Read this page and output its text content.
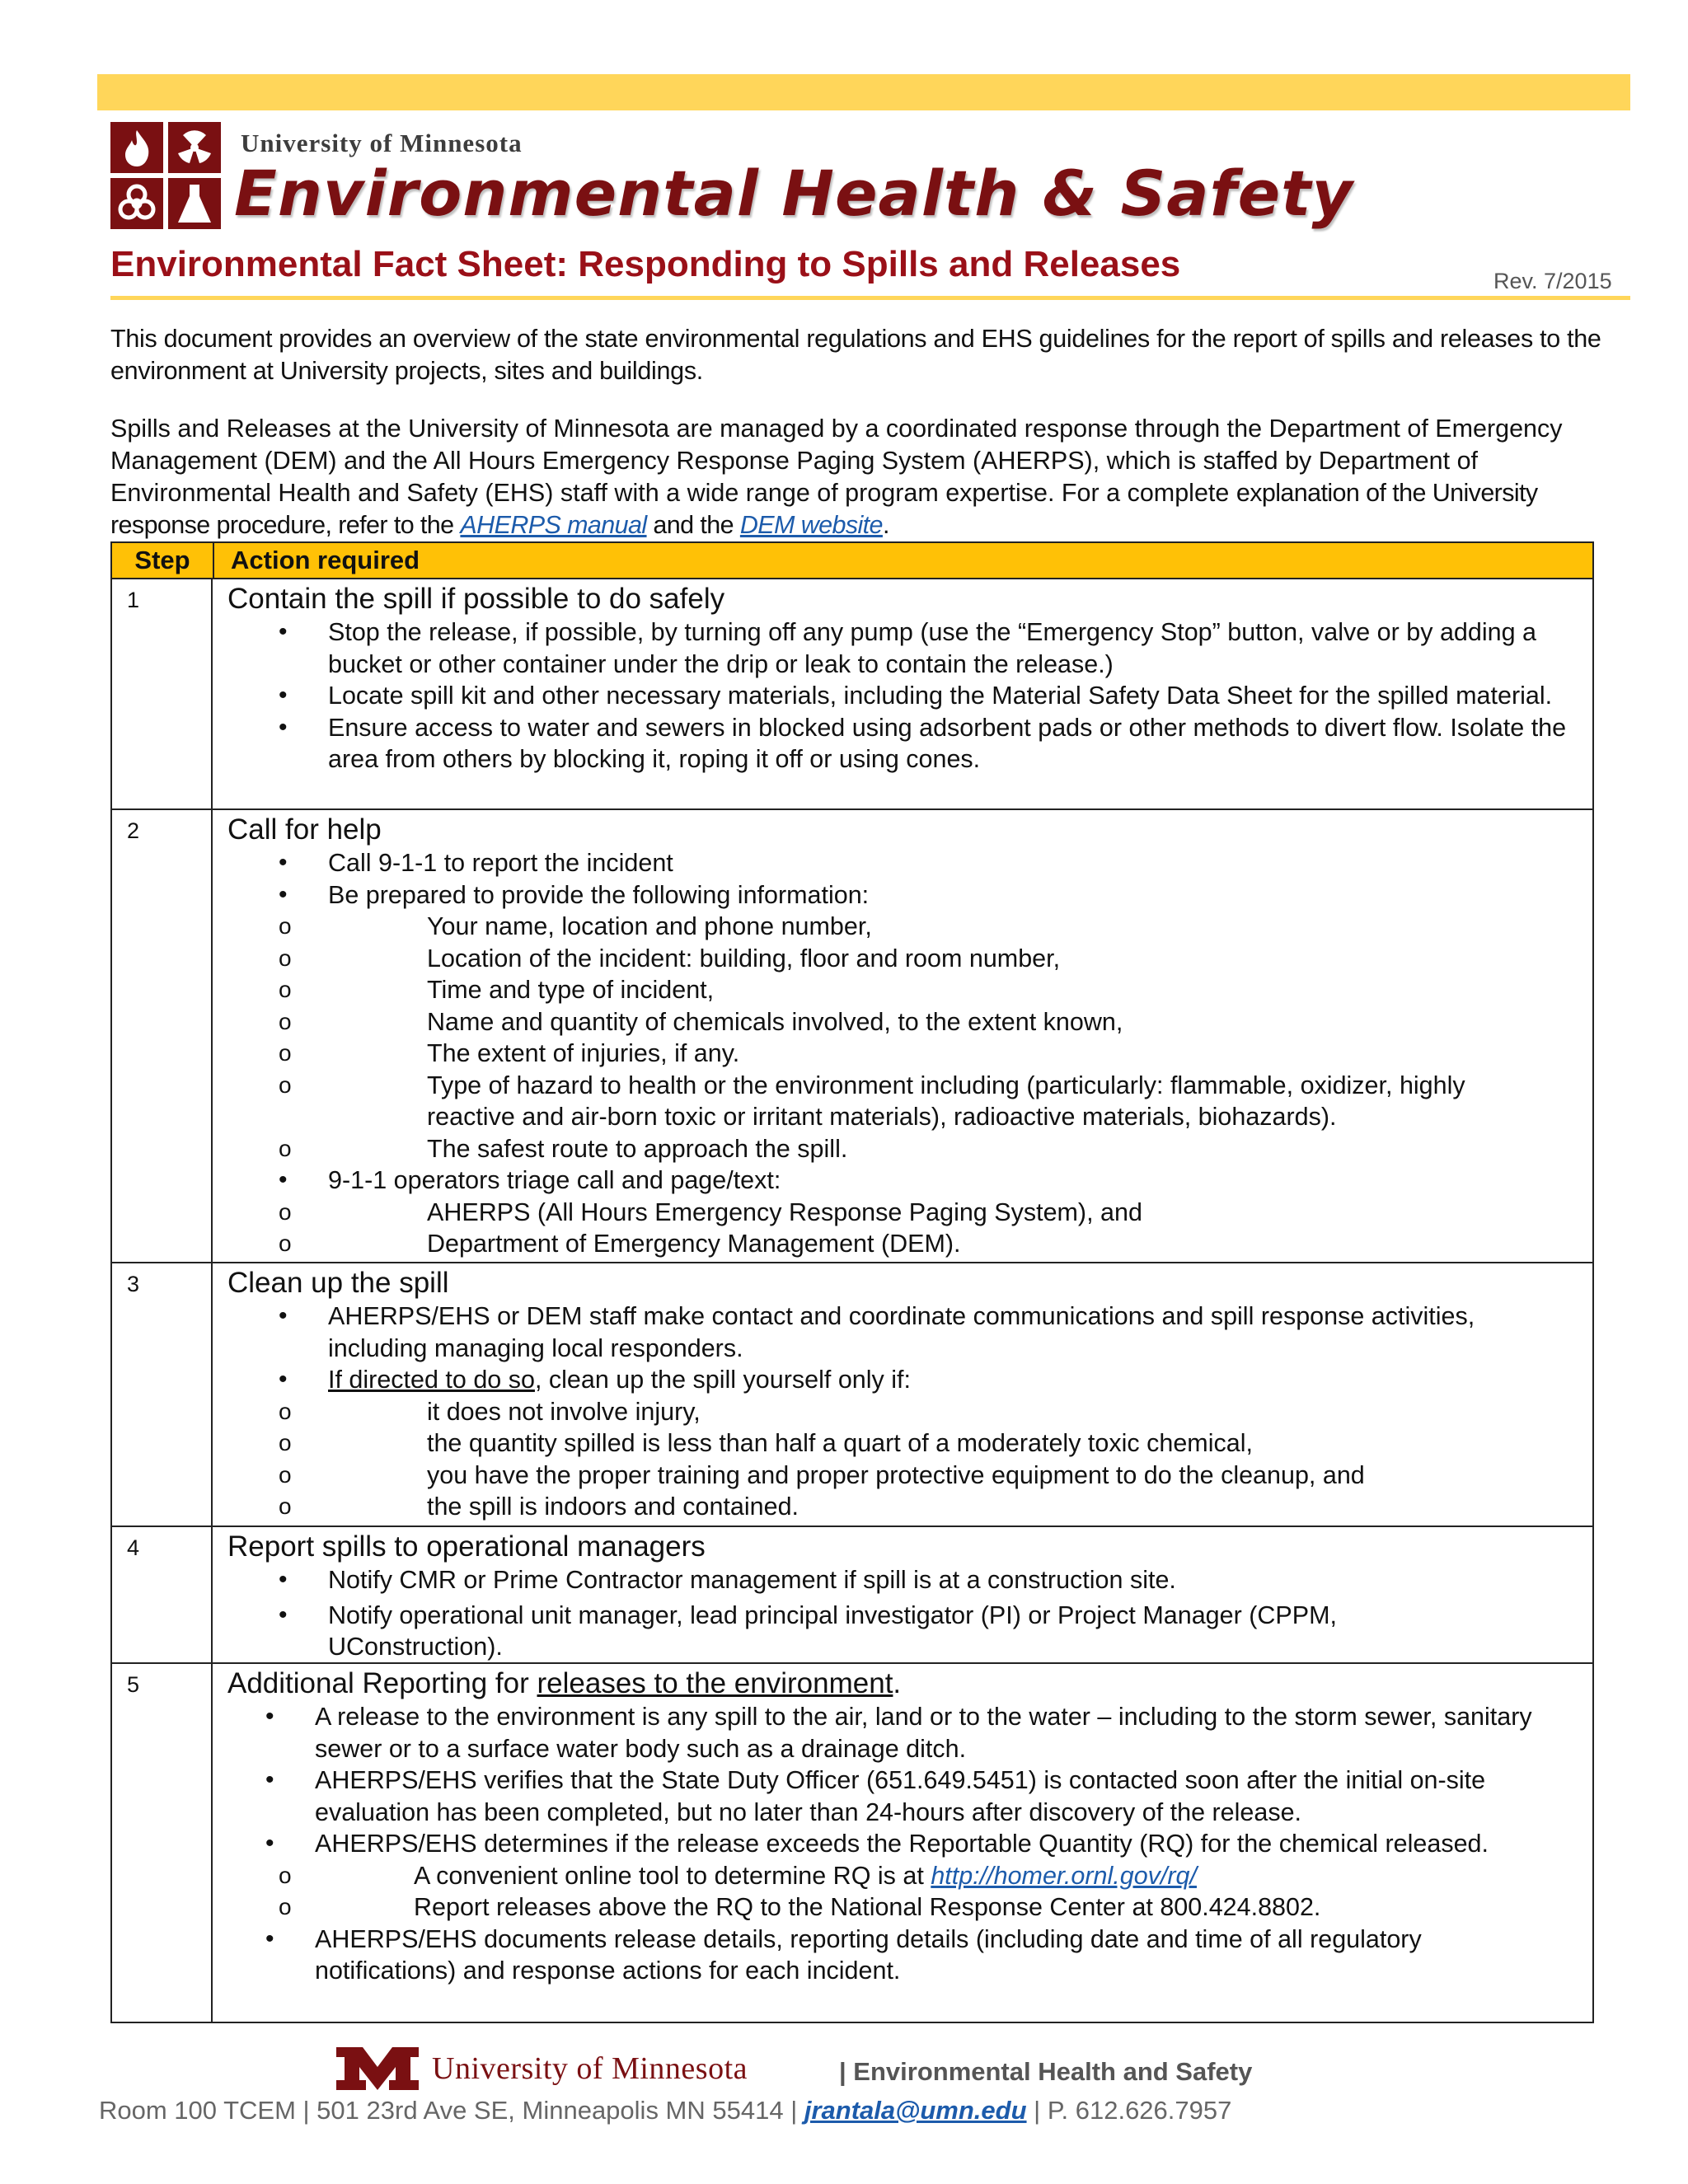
University of Minnesota
Environmental Health & Safety
Environmental Fact Sheet: Responding to Spills and Releases	Rev. 7/2015
This document provides an overview of the state environmental regulations and EHS guidelines for the report of spills and releases to the environment at University projects, sites and buildings.
Spills and Releases at the University of Minnesota are managed by a coordinated response through the Department of Emergency Management (DEM) and the All Hours Emergency Response Paging System (AHERPS), which is staffed by Department of Environmental Health and Safety (EHS) staff with a wide range of program expertise. For a complete explanation of the University response procedure, refer to the AHERPS manual and the DEM website.
Step	Action required
1	Contain the spill if possible to do safely
• Stop the release, if possible, by turning off any pump (use the “Emergency Stop” button, valve or by adding a bucket or other container under the drip or leak to contain the release.)
• Locate spill kit and other necessary materials, including the Material Safety Data Sheet for the spilled material.
• Ensure access to water and sewers in blocked using adsorbent pads or other methods to divert flow. Isolate the area from others by blocking it, roping it off or using cones.
2	Call for help
• Call 9-1-1 to report the incident
• Be prepared to provide the following information:
o Your name, location and phone number,
o Location of the incident: building, floor and room number,
o Time and type of incident,
o Name and quantity of chemicals involved, to the extent known,
o The extent of injuries, if any.
o Type of hazard to health or the environment including (particularly: flammable, oxidizer, highly reactive and air-born toxic or irritant materials), radioactive materials, biohazards).
o The safest route to approach the spill.
• 9-1-1 operators triage call and page/text:
o AHERPS (All Hours Emergency Response Paging System), and
o Department of Emergency Management (DEM).
3	Clean up the spill
• AHERPS/EHS or DEM staff make contact and coordinate communications and spill response activities, including managing local responders.
• If directed to do so, clean up the spill yourself only if:
o it does not involve injury,
o the quantity spilled is less than half a quart of a moderately toxic chemical,
o you have the proper training and proper protective equipment to do the cleanup, and
o the spill is indoors and contained.
4	Report spills to operational managers
• Notify CMR or Prime Contractor management if spill is at a construction site.
• Notify operational unit manager, lead principal investigator (PI) or Project Manager (CPPM, UConstruction).
5	Additional Reporting for releases to the environment.
• A release to the environment is any spill to the air, land or to the water – including to the storm sewer, sanitary sewer or to a surface water body such as a drainage ditch.
• AHERPS/EHS verifies that the State Duty Officer (651.649.5451) is contacted soon after the initial on-site evaluation has been completed, but no later than 24-hours after discovery of the release.
• AHERPS/EHS determines if the release exceeds the Reportable Quantity (RQ) for the chemical released.
o A convenient online tool to determine RQ is at http://homer.ornl.gov/rq/
o Report releases above the RQ to the National Response Center at 800.424.8802.
• AHERPS/EHS documents release details, reporting details (including date and time of all regulatory notifications) and response actions for each incident.
University of Minnesota	| Environmental Health and Safety
Room 100 TCEM | 501 23rd Ave SE, Minneapolis MN 55414 | jrantala@umn.edu | P. 612.626.7957
